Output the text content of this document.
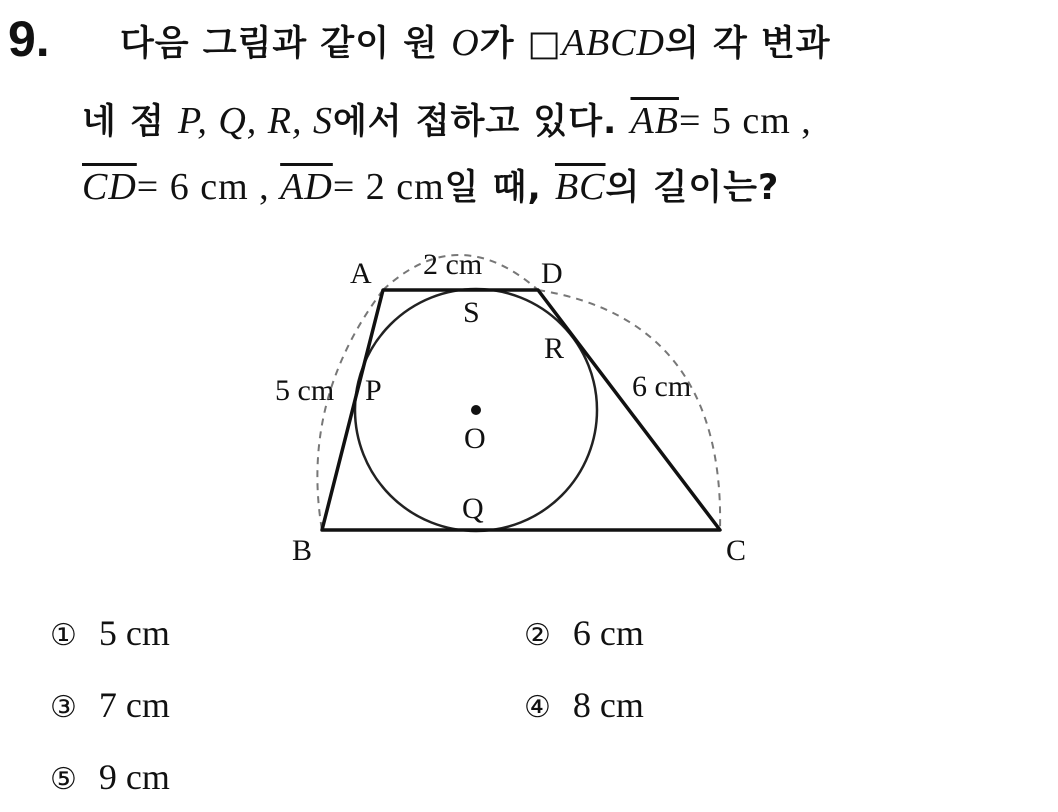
9. 다음 그림과 같이 원 O가 □ABCD의 각 변과
네 점 P, Q, R, S에서 접하고 있다. $\overline{AB}= 5$ cm ,
$\overline{CD}= 6$ cm , $\overline{AD}= 2$ cm일 때, $\overline{BC}$의 길이는?
A	D
B	C
S
R
P
Q
O
2 cm
5 cm	6 cm
① 5 cm	② 6 cm
③ 7 cm	④ 8 cm
⑤ 9 cm
